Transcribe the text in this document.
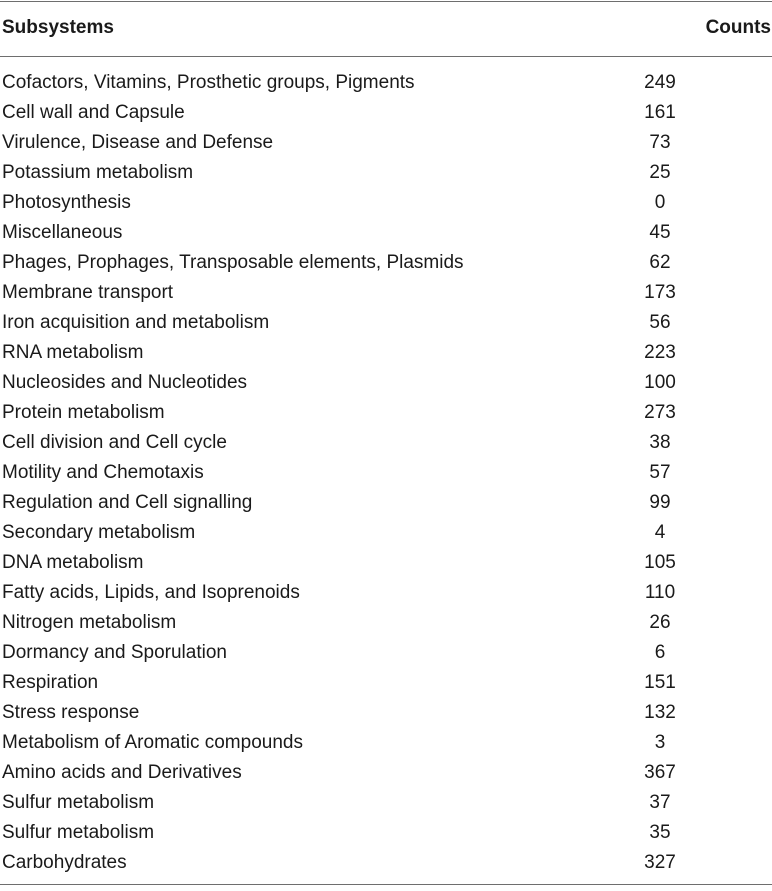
Subsystems	Counts
Cofactors, Vitamins, Prosthetic groups, Pigments	249
Cell wall and Capsule	161
Virulence, Disease and Defense	73
Potassium metabolism	25
Photosynthesis	0
Miscellaneous	45
Phages, Prophages, Transposable elements, Plasmids	62
Membrane transport	173
Iron acquisition and metabolism	56
RNA metabolism	223
Nucleosides and Nucleotides	100
Protein metabolism	273
Cell division and Cell cycle	38
Motility and Chemotaxis	57
Regulation and Cell signalling	99
Secondary metabolism	4
DNA metabolism	105
Fatty acids, Lipids, and Isoprenoids	110
Nitrogen metabolism	26
Dormancy and Sporulation	6
Respiration	151
Stress response	132
Metabolism of Aromatic compounds	3
Amino acids and Derivatives	367
Sulfur metabolism	37
Sulfur metabolism	35
Carbohydrates	327
